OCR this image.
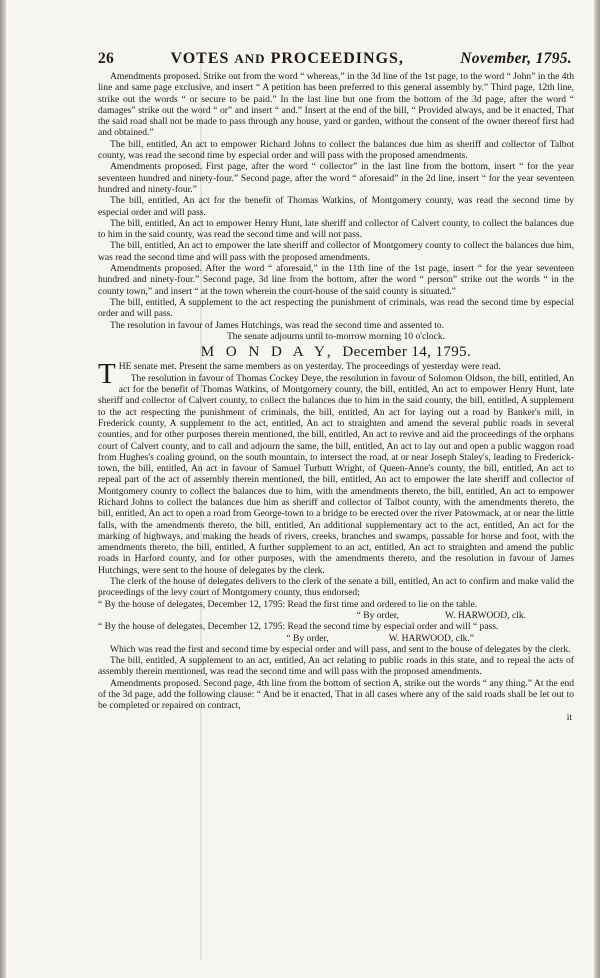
26	VOTES AND PROCEEDINGS,	November, 1795.

Amendments proposed. Strike out from the word “ whereas,” in the 3d line of the 1st page, to the word “ John” in the 4th line and same page exclusive, and insert “ A petition has been preferred to this general assembly by.” Third page, 12th line, strike out the words “ or secure to be paid.” In the last line but one from the bottom of the 3d page, after the word “ damages” strike out the word “ or” and insert “ and.” Insert at the end of the bill, “ Provided always, and be it enacted, That the said road shall not be made to pass through any house, yard or garden, without the consent of the owner thereof first had and obtained.”

The bill, entitled, An act to empower Richard Johns to collect the balances due him as sheriff and collector of Talbot county, was read the second time by especial order and will pass with the proposed amendments.

Amendments proposed. First page, after the word “ collector” in the last line from the bottom, insert “ for the year seventeen hundred and ninety-four.” Second page, after the word “ aforesaid” in the 2d line, insert “ for the year seventeen hundred and ninety-four.”

The bill, entitled, An act for the benefit of Thomas Watkins, of Montgomery county, was read the second time by especial order and will pass.

The bill, entitled, An act to empower Henry Hunt, late sheriff and collector of Calvert county, to collect the balances due to him in the said county, was read the second time and will not pass.

The bill, entitled, An act to empower the late sheriff and collector of Montgomery county to collect the balances due him, was read the second time and will pass with the proposed amendments.

Amendments proposed. After the word “ aforesaid,” in the 11th line of the 1st page, insert “ for the year seventeen hundred and ninety-four.” Second page, 3d line from the bottom, after the word “ person” strike out the words “ in the county town,” and insert “ at the town wherein the court-house of the said county is situated.”

The bill, entitled, A supplement to the act respecting the punishment of criminals, was read the second time by especial order and will pass.

The resolution in favour of James Hutchings, was read the second time and assented to.

The senate adjourns until to-morrow morning 10 o'clock.

M O N D A Y, December 14, 1795.

T HE senate met. Present the same members as on yesterday. The proceedings of yesterday were read.

The resolution in favour of Thomas Cockey Deye, the resolution in favour of Solomon Oldson, the bill, entitled, An act for the benefit of Thomas Watkins, of Montgomery county, the bill, entitled, An act to empower Henry Hunt, late sheriff and collector of Calvert county, to collect the balances due to him in the said county, the bill, entitled, A supplement to the act respecting the punishment of criminals, the bill, entitled, An act for laying out a road by Banker's mill, in Frederick county, A supplement to the act, entitled, An act to straighten and amend the several public roads in several counties, and for other purposes therein mentioned, the bill, entitled, An act to revive and aid the proceedings of the orphans court of Calvert county, and to call and adjourn the same, the bill, entitled, An act to lay out and open a public waggon road from Hughes's coaling ground, on the south mountain, to intersect the road, at or near Joseph Staley's, leading to Frederick-town, the bill, entitled, An act in favour of Samuel Turbutt Wright, of Queen-Anne's county, the bill, entitled, An act to repeal part of the act of assembly therein mentioned, the bill, entitled, An act to empower the late sheriff and collector of Montgomery county to collect the balances due to him, with the amendments thereto, the bill, entitled, An act to empower Richard Johns to collect the balances due him as sheriff and collector of Talbot county, with the amendments thereto, the bill, entitled, An act to open a road from George-town to a bridge to be erected over the river Patowmack, at or near the little falls, with the amendments thereto, the bill, entitled, An additional supplementary act to the act, entitled, An act for the marking of highways, and making the heads of rivers, creeks, branches and swamps, passable for horse and foot, with the amendments thereto, the bill, entitled, A further supplement to an act, entitled, An act to straighten and amend the public roads in Harford county, and for other purposes, with the amendments thereto, and the resolution in favour of James Hutchings, were sent to the house of delegates by the clerk.

The clerk of the house of delegates delivers to the clerk of the senate a bill, entitled, An act to confirm and make valid the proceedings of the levy court of Montgomery county, thus endorsed;

“ By the house of delegates, December 12, 1795: Read the first time and ordered to lie on the table.

“ By order,	W. HARWOOD, clk.

“ By the house of delegates, December 12, 1795: Read the second time by especial order and will “ pass.

“ By order,	W. HARWOOD, clk.”

Which was read the first and second time by especial order and will pass, and sent to the house of delegates by the clerk.

The bill, entitled, A supplement to an act, entitled, An act relating to public roads in this state, and to repeal the acts of assembly therein mentioned, was read the second time and will pass with the proposed amendments.

Amendments proposed. Second page, 4th line from the bottom of section A, strike out the words “ any thing.” At the end of the 3d page, add the following clause: “ And be it enacted, That in all cases where any of the said roads shall be let out to be completed or repaired on contract,

it
